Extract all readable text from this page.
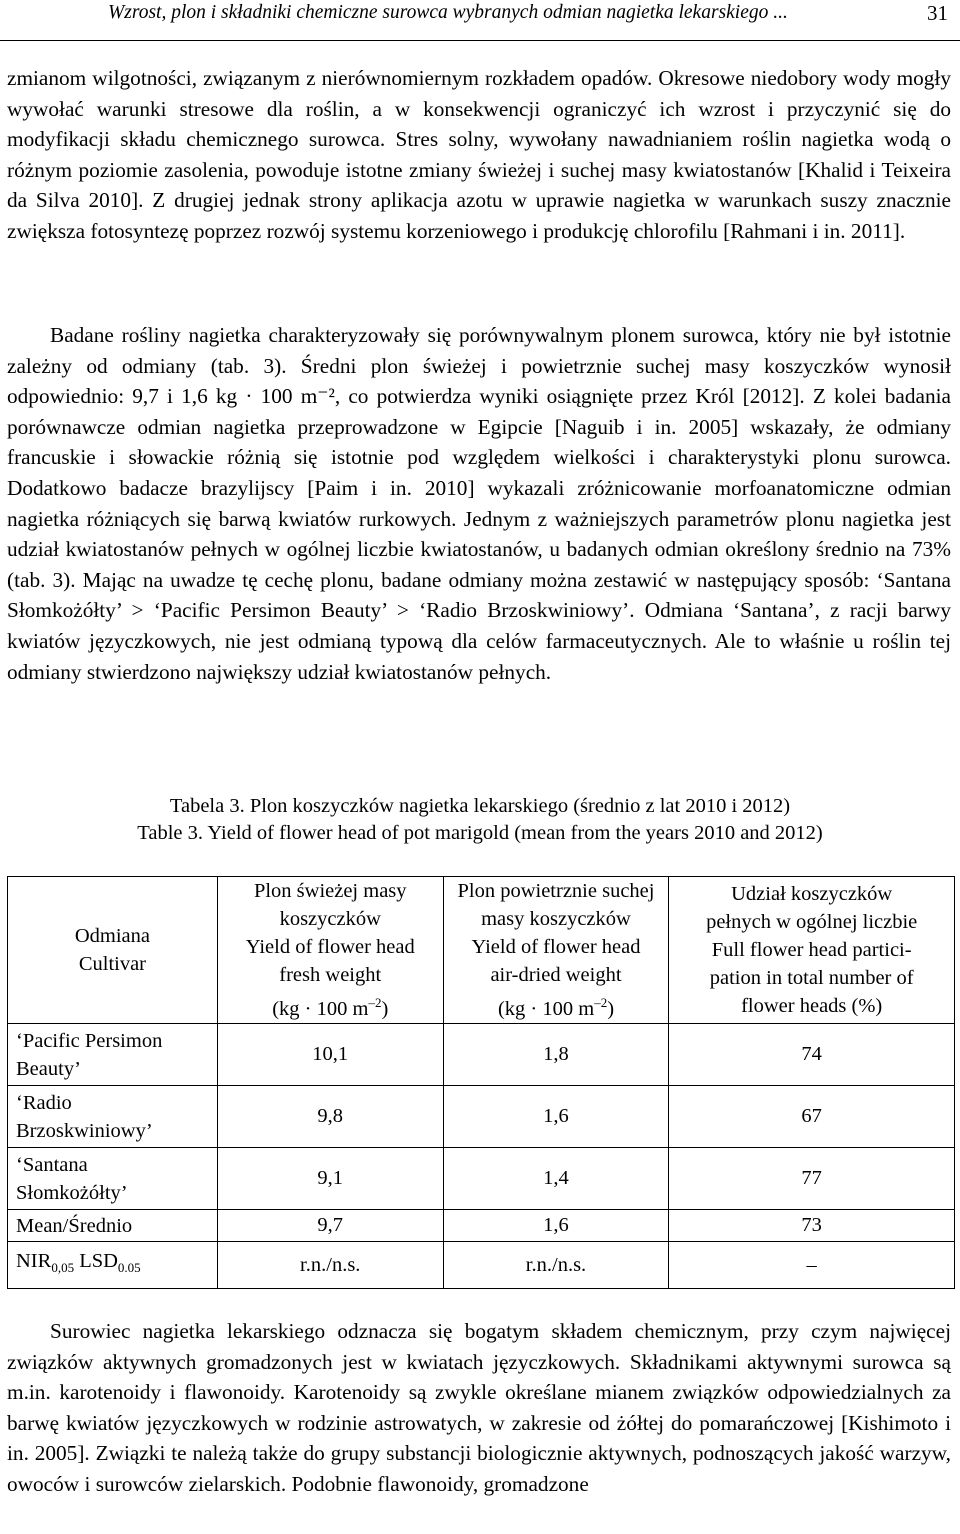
Wzrost, plon i składniki chemiczne surowca wybranych odmian nagietka lekarskiego ...	31
zmianom wilgotności, związanym z nierównomiernym rozkładem opadów. Okresowe niedobory wody mogły wywołać warunki stresowe dla roślin, a w konsekwencji ograniczyć ich wzrost i przyczynić się do modyfikacji składu chemicznego surowca. Stres solny, wywołany nawadnianiem roślin nagietka wodą o różnym poziomie zasolenia, powoduje istotne zmiany świeżej i suchej masy kwiatostanów [Khalid i Teixeira da Silva 2010]. Z drugiej jednak strony aplikacja azotu w uprawie nagietka w warunkach suszy znacznie zwiększa fotosyntezę poprzez rozwój systemu korzeniowego i produkcję chlorofilu [Rahmani i in. 2011].
Badane rośliny nagietka charakteryzowały się porównywalnym plonem surowca, który nie był istotnie zależny od odmiany (tab. 3). Średni plon świeżej i powietrznie suchej masy koszyczków wynosił odpowiednio: 9,7 i 1,6 kg · 100 m⁻², co potwierdza wyniki osiągnięte przez Król [2012]. Z kolei badania porównawcze odmian nagietka przeprowadzone w Egipcie [Naguib i in. 2005] wskazały, że odmiany francuskie i słowackie różnią się istotnie pod względem wielkości i charakterystyki plonu surowca. Dodatkowo badacze brazylijscy [Paim i in. 2010] wykazali zróżnicowanie morfoanatomiczne odmian nagietka różniących się barwą kwiatów rurkowych. Jednym z ważniejszych parametrów plonu nagietka jest udział kwiatostanów pełnych w ogólnej liczbie kwiatostanów, u badanych odmian określony średnio na 73% (tab. 3). Mając na uwadze tę cechę plonu, badane odmiany można zestawić w następujący sposób: ‘Santana Słomkożółty’ > ‘Pacific Persimon Beauty’ > ‘Radio Brzoskwiniowy’. Odmiana ‘Santana’, z racji barwy kwiatów języczkowych, nie jest odmianą typową dla celów farmaceutycznych. Ale to właśnie u roślin tej odmiany stwierdzono największy udział kwiatostanów pełnych.
Tabela 3. Plon koszyczków nagietka lekarskiego (średnio z lat 2010 i 2012)
Table 3. Yield of flower head of pot marigold (mean from the years 2010 and 2012)
Odmiana
Cultivar	Plon świeżej masy
koszyczków
Yield of flower head
fresh weight
(kg · 100 $m^{-2}$)	Plon powietrznie suchej
masy koszyczków
Yield of flower head
air-dried weight
(kg · 100 $m^{-2}$)	Udział koszyczków
pełnych w ogólnej liczbie
Full flower head partici-
pation in total number of
flower heads (%)
‘Pacific Persimon
Beauty’	10,1	1,8	74
‘Radio
Brzoskwiniowy’	9,8	1,6	67
‘Santana
Słomkożółty’	9,1	1,4	77
Mean/Średnio	9,7	1,6	73
$NIR_{0,05}$ $LSD_{0.05}$	r.n./n.s.	r.n./n.s.	–
Surowiec nagietka lekarskiego odznacza się bogatym składem chemicznym, przy czym najwięcej związków aktywnych gromadzonych jest w kwiatach języczkowych. Składnikami aktywnymi surowca są m.in. karotenoidy i flawonoidy. Karotenoidy są zwykle określane mianem związków odpowiedzialnych za barwę kwiatów języczkowych w rodzinie astrowatych, w zakresie od żółtej do pomarańczowej [Kishimoto i in. 2005]. Związki te należą także do grupy substancji biologicznie aktywnych, podnoszących jakość warzyw, owoców i surowców zielarskich. Podobnie flawonoidy, gromadzone
